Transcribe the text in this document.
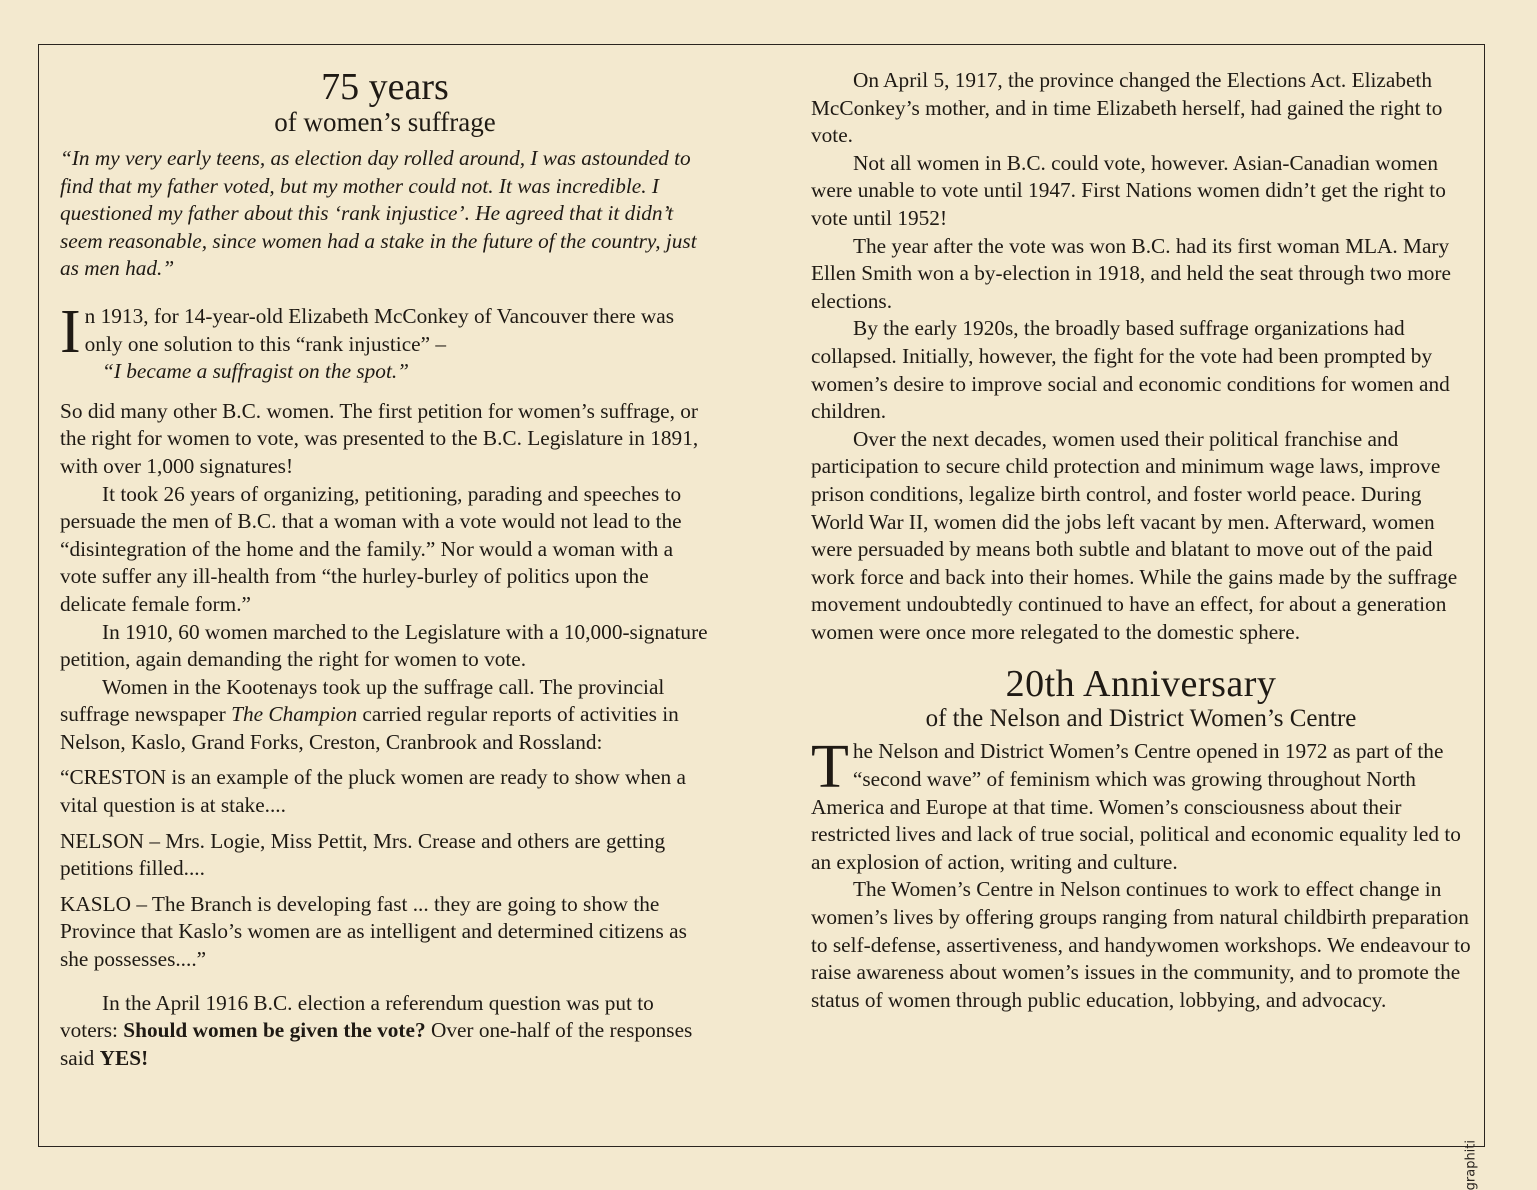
75 years
of women’s suffrage

“In my very early teens, as election day rolled around, I was astounded to find that my father voted, but my mother could not. It was incredible. I questioned my father about this ‘rank injustice’. He agreed that it didn’t seem reasonable, since women had a stake in the future of the country, just as men had.”

I n 1913, for 14-year-old Elizabeth McConkey of Vancouver there was only one solution to this “rank injustice” –

“I became a suffragist on the spot.”

So did many other B.C. women. The first petition for women’s suffrage, or the right for women to vote, was presented to the B.C. Legislature in 1891, with over 1,000 signatures!

It took 26 years of organizing, petitioning, parading and speeches to persuade the men of B.C. that a woman with a vote would not lead to the “disintegration of the home and the family.” Nor would a woman with a vote suffer any ill-health from “the hurley-burley of politics upon the delicate female form.”

In 1910, 60 women marched to the Legislature with a 10,000-signature petition, again demanding the right for women to vote.

Women in the Kootenays took up the suffrage call. The provincial suffrage newspaper The Champion carried regular reports of activities in Nelson, Kaslo, Grand Forks, Creston, Cranbrook and Rossland:

“CRESTON is an example of the pluck women are ready to show when a vital question is at stake....

NELSON – Mrs. Logie, Miss Pettit, Mrs. Crease and others are getting petitions filled....

KASLO – The Branch is developing fast ... they are going to show the Province that Kaslo’s women are as intelligent and determined citizens as she possesses....”

In the April 1916 B.C. election a referendum question was put to voters: Should women be given the vote? Over one-half of the responses said YES!

On April 5, 1917, the province changed the Elections Act. Elizabeth McConkey’s mother, and in time Elizabeth herself, had gained the right to vote.

Not all women in B.C. could vote, however. Asian-Canadian women were unable to vote until 1947. First Nations women didn’t get the right to vote until 1952!

The year after the vote was won B.C. had its first woman MLA. Mary Ellen Smith won a by-election in 1918, and held the seat through two more elections.

By the early 1920s, the broadly based suffrage organizations had collapsed. Initially, however, the fight for the vote had been prompted by women’s desire to improve social and economic conditions for women and children.

Over the next decades, women used their political franchise and participation to secure child protection and minimum wage laws, improve prison conditions, legalize birth control, and foster world peace. During World War II, women did the jobs left vacant by men. Afterward, women were persuaded by means both subtle and blatant to move out of the paid work force and back into their homes. While the gains made by the suffrage movement undoubtedly continued to have an effect, for about a generation women were once more relegated to the domestic sphere.

20th Anniversary
of the Nelson and District Women’s Centre
T he Nelson and District Women’s Centre opened in 1972 as part of the “second wave” of feminism which was growing throughout North America and Europe at that time. Women’s consciousness about their restricted lives and lack of true social, political and economic equality led to an explosion of action, writing and culture.

The Women’s Centre in Nelson continues to work to effect change in women’s lives by offering groups ranging from natural childbirth preparation to self-defense, assertiveness, and handywomen workshops. We endeavour to raise awareness about women’s issues in the community, and to promote the status of women through public education, lobbying, and advocacy.

graphiti
